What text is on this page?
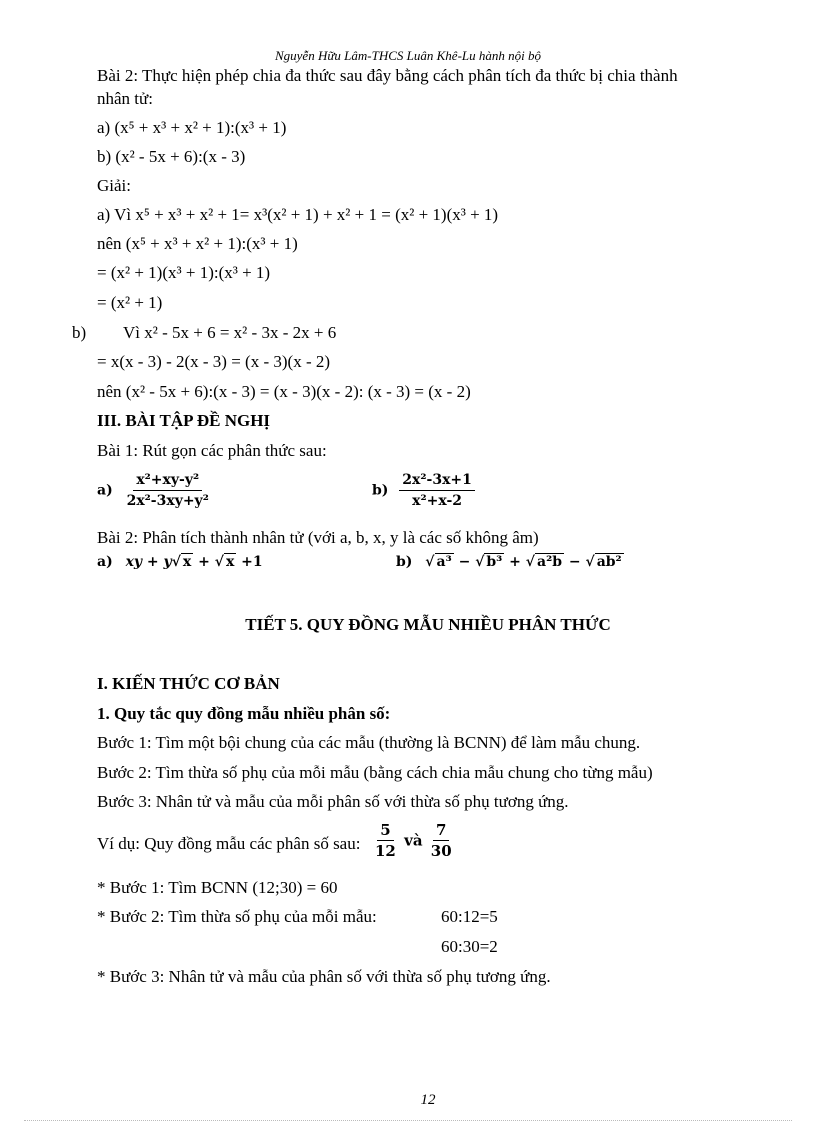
Nguyễn Hữu Lâm-THCS Luân Khê-Lu hành nội bộ
Bài 2: Thực hiện phép chia đa thức sau đây bằng cách phân tích đa thức bị chia thành
nhân tử:
a) (x⁵ + x³ + x² + 1):(x³ + 1)
b) (x² - 5x + 6):(x - 3)
Giải:
a) Vì x⁵ + x³ + x² + 1= x³(x² + 1) + x² + 1 = (x² + 1)(x³ + 1)
nên (x⁵ + x³ + x² + 1):(x³ + 1)
= (x² + 1)(x³ + 1):(x³ + 1)
= (x² + 1)
b) Vì x² - 5x + 6 = x² - 3x - 2x + 6
= x(x - 3) - 2(x - 3) = (x - 3)(x - 2)
nên (x² - 5x + 6):(x - 3) = (x - 3)(x - 2): (x - 3) = (x - 2)
III. BÀI TẬP ĐỀ NGHỊ
Bài 1: Rút gọn các phân thức sau:
$a) \frac{\text{x²+xy-y²}}{\text{2x²-3xy+y²}}$	$b) \frac{\text{2x²-3x+1}}{\text{x²+x-2}}$
Bài 2: Phân tích thành nhân tử (với a, b, x, y là các số không âm)
a) xy + y√ x + √ x +1	b) √ a³ − √ b³ + √ a²b − √ ab²
TIẾT 5. QUY ĐỒNG MẪU NHIỀU PHÂN THỨC
I. KIẾN THỨC CƠ BẢN
1. Quy tắc quy đồng mẫu nhiều phân số:
Bước 1: Tìm một bội chung của các mẫu (thường là BCNN) để làm mẫu chung.
Bước 2: Tìm thừa số phụ của mỗi mẫu (bằng cách chia mẫu chung cho từng mẫu)
Bước 3: Nhân tử và mẫu của mỗi phân số với thừa số phụ tương ứng.
Ví dụ: Quy đồng mẫu các phân số sau: $\frac{5}{12}$ và $\frac{7}{30}$
* Bước 1: Tìm BCNN (12;30) = 60
* Bước 2: Tìm thừa số phụ của mỗi mẫu:	60:12=5
60:30=2
* Bước 3: Nhân tử và mẫu của phân số với thừa số phụ tương ứng.
12
